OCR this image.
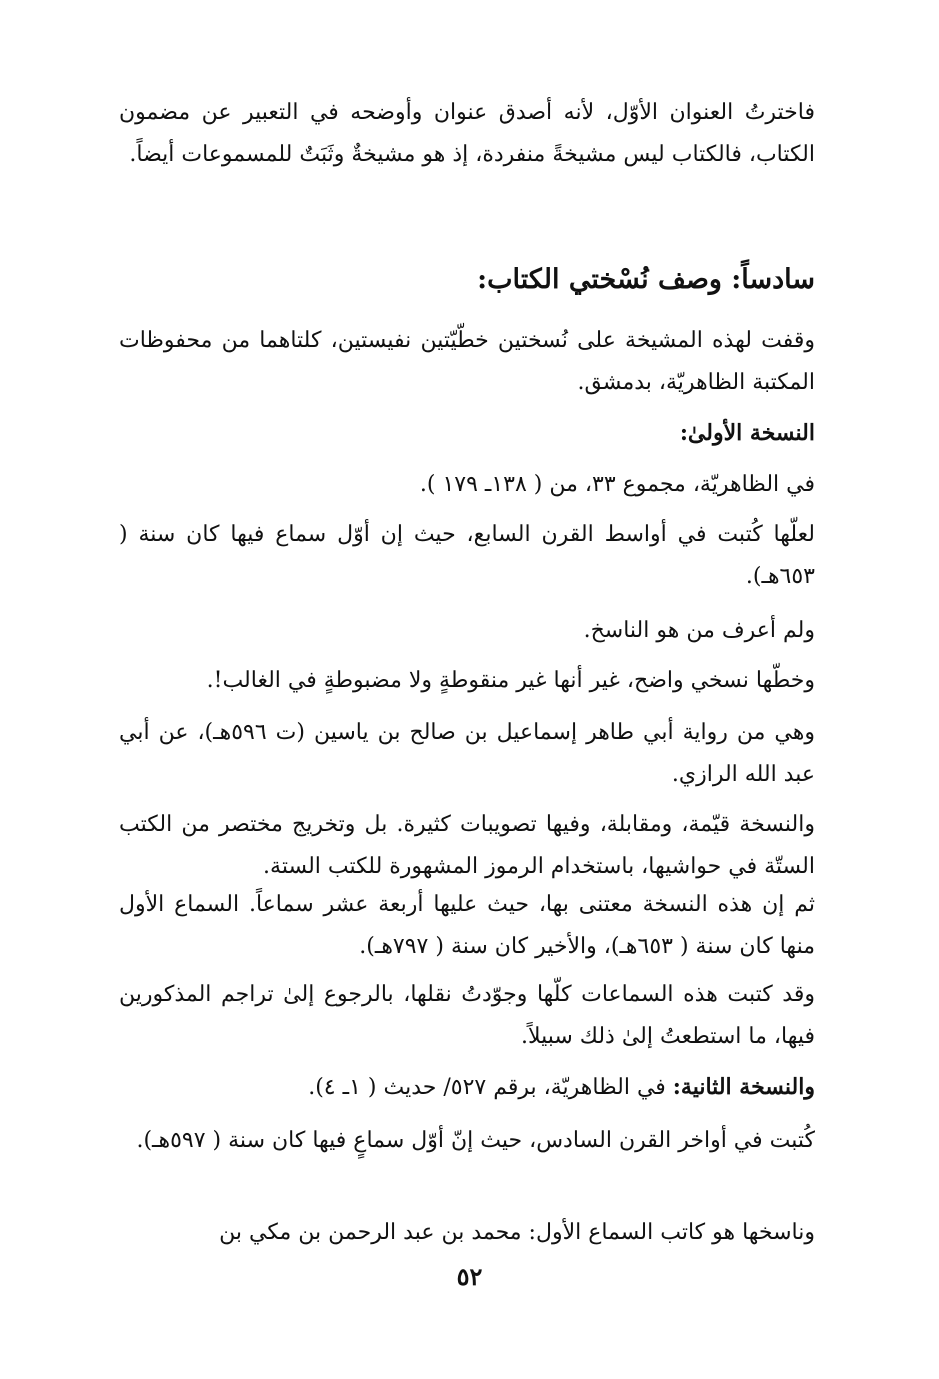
فاخترتُ العنوان الأوّل، لأنه أصدق عنوان وأوضحه في التعبير عن مضمون الكتاب، فالكتاب ليس مشيخةً منفردة، إذ هو مشيخةٌ وثَبَتٌ للمسموعات أيضاً.

سادساً: وصف نُسْختي الكتاب:

وقفت لهذه المشيخة على نُسختين خطّيّتين نفيستين، كلتاهما من محفوظات المكتبة الظاهريّة، بدمشق.

النسخة الأولىٰ:

في الظاهريّة، مجموع ٣٣، من ( ١٣٨ـ ١٧٩ ).

لعلّها كُتبت في أواسط القرن السابع، حيث إن أوّل سماع فيها كان سنة ( ٦٥٣هـ).

ولم أعرف من هو الناسخ.

وخطّها نسخي واضح، غير أنها غير منقوطةٍ ولا مضبوطةٍ في الغالب!.

وهي من رواية أبي طاهر إسماعيل بن صالح بن ياسين (ت ٥٩٦هـ)، عن أبي عبد الله الرازي.

والنسخة قيّمة، ومقابلة، وفيها تصويبات كثيرة. بل وتخريج مختصر من الكتب الستّة في حواشيها، باستخدام الرموز المشهورة للكتب الستة.

ثم إن هذه النسخة معتنى بها، حيث عليها أربعة عشر سماعاً. السماع الأول منها كان سنة ( ٦٥٣هـ)، والأخير كان سنة ( ٧٩٧هـ).

وقد كتبت هذه السماعات كلّها وجوّدتُ نقلها، بالرجوع إلىٰ تراجم المذكورين فيها، ما استطعتُ إلىٰ ذلك سبيلاً.

والنسخة الثانية: في الظاهريّة، برقم ٥٢٧/ حديث ( ١ـ ٤).

كُتبت في أواخر القرن السادس، حيث إنّ أوّل سماعٍ فيها كان سنة ( ٥٩٧هـ).

وناسخها هو كاتب السماع الأول: محمد بن عبد الرحمن بن مكي بن

٥٢
